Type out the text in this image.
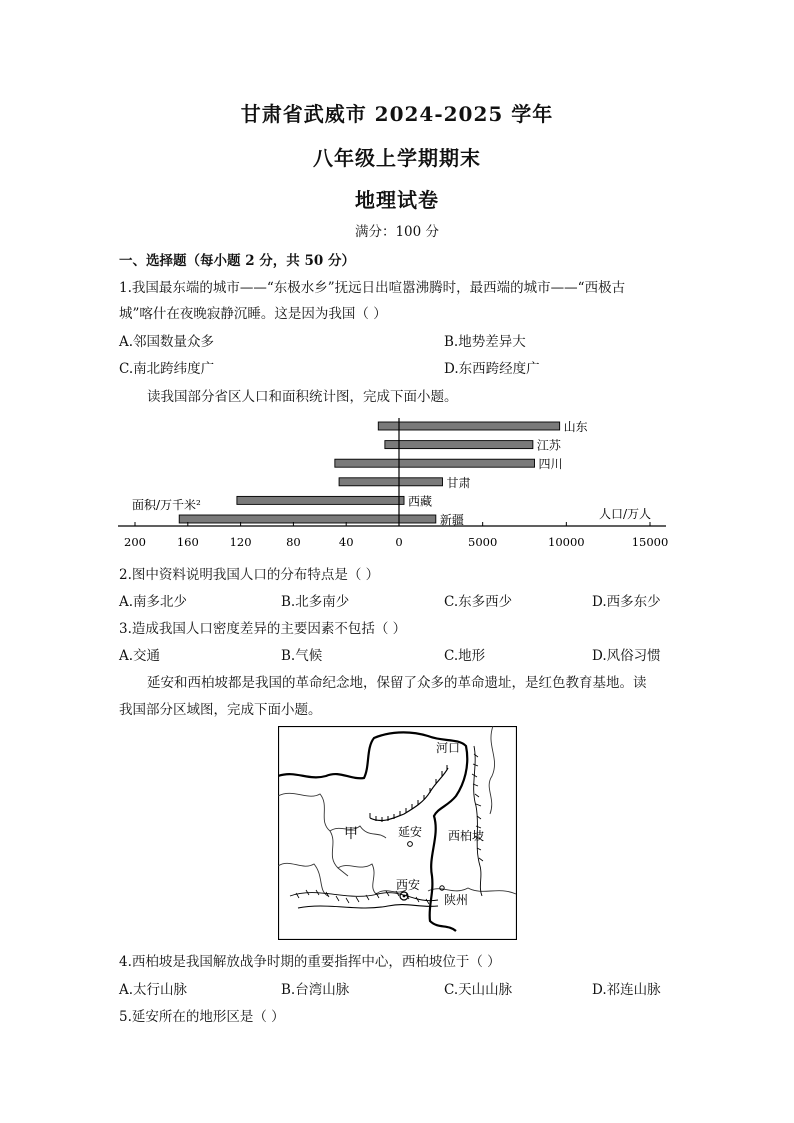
甘肃省武威市 2024-2025 学年
八年级上学期期末
地理试卷
满分：100 分
一、选择题（每小题 2 分，共 50 分）
1.我国最东端的城市——“东极水乡”抚远日出喧嚣沸腾时，最西端的城市——“西极古
城”喀什在夜晚寂静沉睡。这是因为我国（ ）
A.邻国数量众多	B.地势差异大
C.南北跨纬度广	D.东西跨经度广
读我国部分省区人口和面积统计图，完成下面小题。
山东
江苏
四川
甘肃
西藏
新疆
200	160	120	80	40	0	5000	10000	15000
面积/万千米²
人口/万人
2.图中资料说明我国人口的分布特点是（ ）
A.南多北少	B.北多南少	C.东多西少	D.西多东少
3.造成我国人口密度差异的主要因素不包括（ ）
A.交通	B.气候	C.地形	D.风俗习惯
延安和西柏坡都是我国的革命纪念地，保留了众多的革命遗址，是红色教育基地。读
我国部分区域图，完成下面小题。
河口
西柏坡
甲	延安
西安
陕州
4.西柏坡是我国解放战争时期的重要指挥中心，西柏坡位于（ ）
A.太行山脉	B.台湾山脉	C.天山山脉	D.祁连山脉
5.延安所在的地形区是（ ）
